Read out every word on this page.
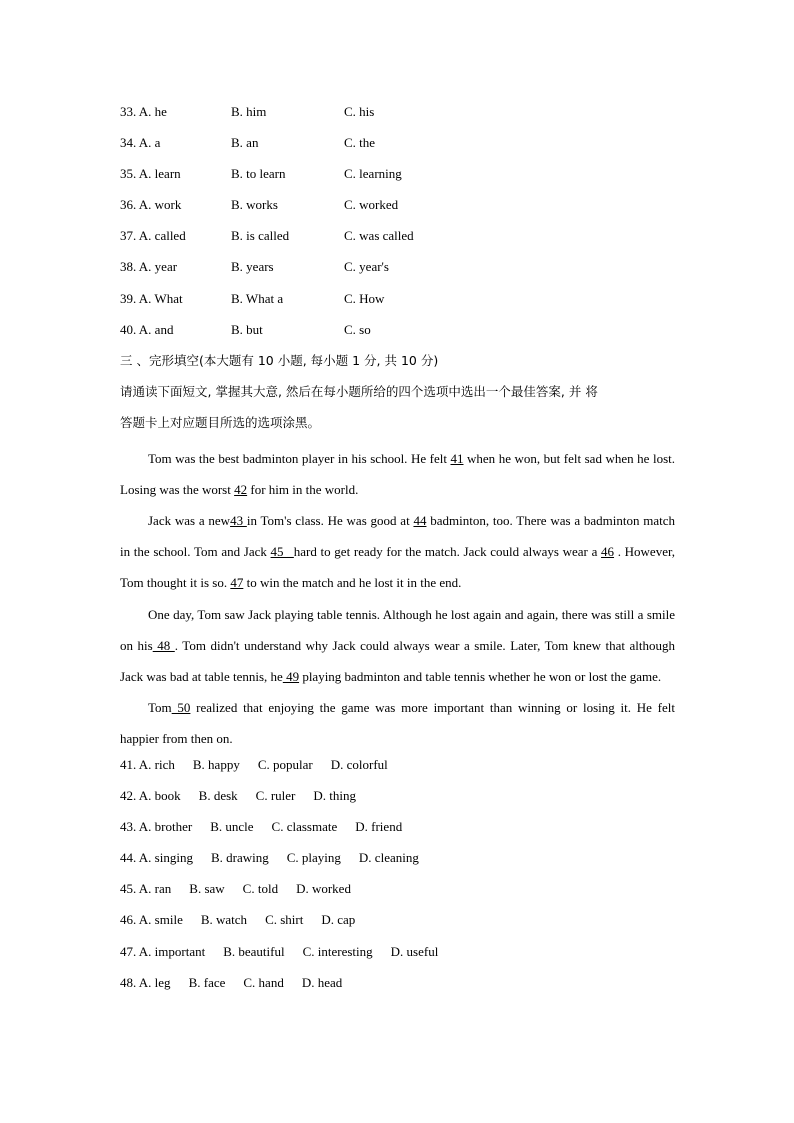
33. A. he	B. him	C. his
34. A. a	B. an	C. the
35. A. learn	B. to learn	C. learning
36. A. work	B. works	C. worked
37. A. called	B. is called	C. was called
38. A. year	B. years	C. year's
39. A. What	B. What a	C. How
40. A. and	B. but	C. so
三 、完形填空(本大题有 10 小题, 每小题 1 分, 共 10 分)
请通读下面短文, 掌握其大意, 然后在每小题所给的四个选项中选出一个最佳答案, 并 将
答题卡上对应题目所选的选项涂黑。

Tom was the best badminton player in his school. He felt 41 when he won, but felt sad when he lost. Losing was the worst 42 for him in the world.

Jack was a new43 in Tom's class. He was good at 44 badminton, too. There was a badminton match in the school. Tom and Jack 45 _hard to get ready for the match. Jack could always wear a 46 . However, Tom thought it is so. 47 to win the match and he lost it in the end.

One day, Tom saw Jack playing table tennis. Although he lost again and again, there was still a smile on his 48 . Tom didn't understand why Jack could always wear a smile. Later, Tom knew that although Jack was bad at table tennis, he 49 playing badminton and table tennis whether he won or lost the game.

Tom 50 realized that enjoying the game was more important than winning or losing it. He felt happier from then on.

41. A. rich B. happy C. popular D. colorful
42. A. book B. desk C. ruler D. thing
43. A. brother B. uncle C. classmate D. friend
44. A. singing B. drawing C. playing D. cleaning
45. A. ran B. saw C. told D. worked
46. A. smile B. watch C. shirt D. cap
47. A. important B. beautiful C. interesting D. useful
48. A. leg B. face C. hand D. head
